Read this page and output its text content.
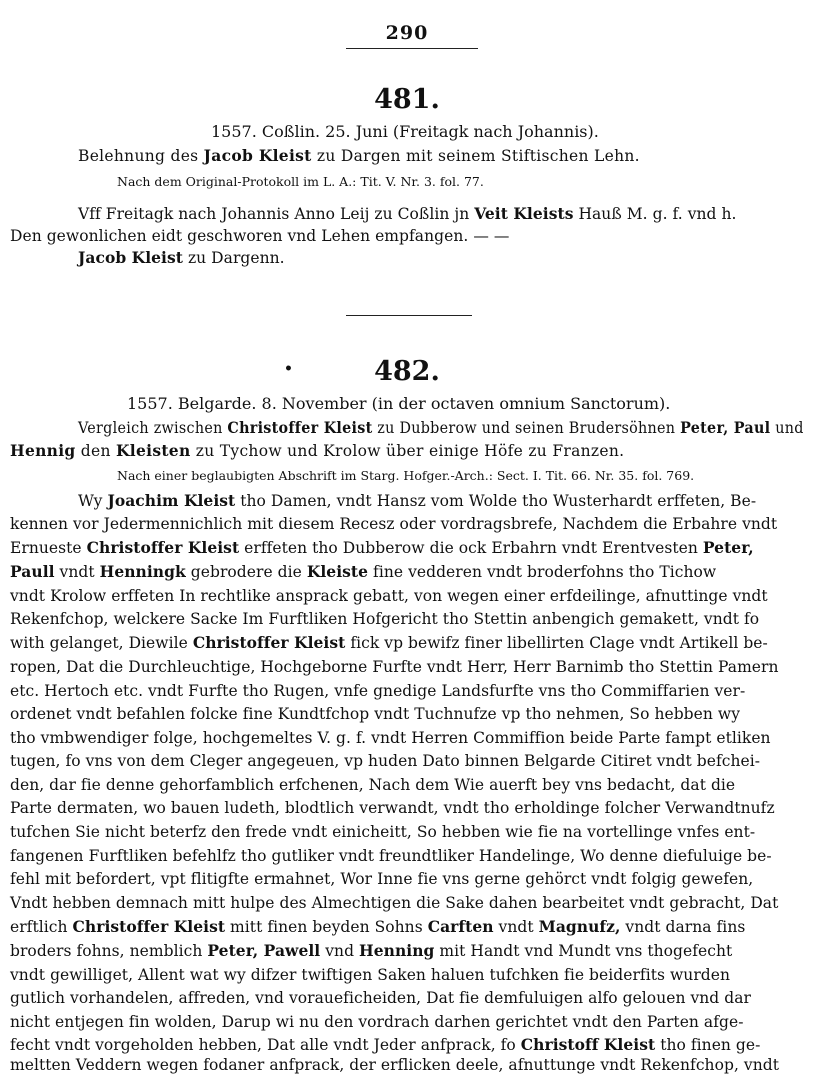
290
481.
1557. Coßlin. 25. Juni (Freitagk nach Johannis).
Belehnung des Jacob Kleist zu Dargen mit seinem Stiftischen Lehn.
Nach dem Original-Protokoll im L. A.: Tit. V. Nr. 3. fol. 77.
Vff Freitagk nach Johannis Anno Leij zu Coßlin jn Veit Kleists Hauß M. g. f. vnd h.
Den gewonlichen eidt geschworen vnd Lehen empfangen. — —
Jacob Kleist zu Dargenn.
•	482.
1557. Belgarde. 8. November (in der octaven omnium Sanctorum).
Vergleich zwischen Christoffer Kleist zu Dubberow und seinen Brudersöhnen Peter, Paul und
Hennig den Kleisten zu Tychow und Krolow über einige Höfe zu Franzen.
Nach einer beglaubigten Abschrift im Starg. Hofger.-Arch.: Sect. I. Tit. 66. Nr. 35. fol. 769.
Wy Joachim Kleist tho Damen, vndt Hansz vom Wolde tho Wusterhardt erffeten, Be-
kennen vor Jedermennichlich mit diesem Recesz oder vordragsbrefe, Nachdem die Erbahre vndt
Ernueste Christoffer Kleist erffeten tho Dubberow die ock Erbahrn vndt Erentvesten Peter,
Paull vndt Henningk gebrodere die Kleiste fine vedderen vndt broderfohns tho Tichow
vndt Krolow erffeten In rechtlike ansprack gebatt, von wegen einer erfdeilinge, afnuttinge vndt
Rekenfchop, welckere Sacke Im Furftliken Hofgericht tho Stettin anbengich gemakett, vndt fo
with gelanget, Diewile Christoffer Kleist fick vp bewifz finer libellirten Clage vndt Artikell be-
ropen, Dat die Durchleuchtige, Hochgeborne Furfte vndt Herr, Herr Barnimb tho Stettin Pamern
etc. Hertoch etc. vndt Furfte tho Rugen, vnfe gnedige Landsfurfte vns tho Commiffarien ver-
ordenet vndt befahlen folcke fine Kundtfchop vndt Tuchnufze vp tho nehmen, So hebben wy
tho vmbwendiger folge, hochgemeltes V. g. f. vndt Herren Commiffion beide Parte fampt etliken
tugen, fo vns von dem Cleger angegeuen, vp huden Dato binnen Belgarde Citiret vndt befchei-
den, dar fie denne gehorfamblich erfchenen, Nach dem Wie auerft bey vns bedacht, dat die
Parte dermaten, wo bauen ludeth, blodtlich verwandt, vndt tho erholdinge folcher Verwandtnufz
tufchen Sie nicht beterfz den frede vndt einicheitt, So hebben wie fie na vortellinge vnfes ent-
fangenen Furftliken befehlfz tho gutliker vndt freundtliker Handelinge, Wo denne diefuluige be-
fehl mit befordert, vpt flitigfte ermahnet, Wor Inne fie vns gerne gehörct vndt folgig gewefen,
Vndt hebben demnach mitt hulpe des Almechtigen die Sake dahen bearbeitet vndt gebracht, Dat
erftlich Christoffer Kleist mitt finen beyden Sohns Carften vndt Magnufz, vndt darna fins
broders fohns, nemblich Peter, Pawell vnd Henning mit Handt vnd Mundt vns thogefecht
vndt gewilliget, Allent wat wy difzer twiftigen Saken haluen tufchken fie beiderfits wurden
gutlich vorhandelen, affreden, vnd voraueficheiden, Dat fie demfuluigen alfo gelouen vnd dar
nicht entjegen fin wolden, Darup wi nu den vordrach darhen gerichtet vndt den Parten afge-
fecht vndt vorgeholden hebben, Dat alle vndt Jeder anfprack, fo Christoff Kleist tho finen ge-
meltten Veddern wegen fodaner anfprack, der erflicken deele, afnuttunge vndt Rekenfchop, vndt
